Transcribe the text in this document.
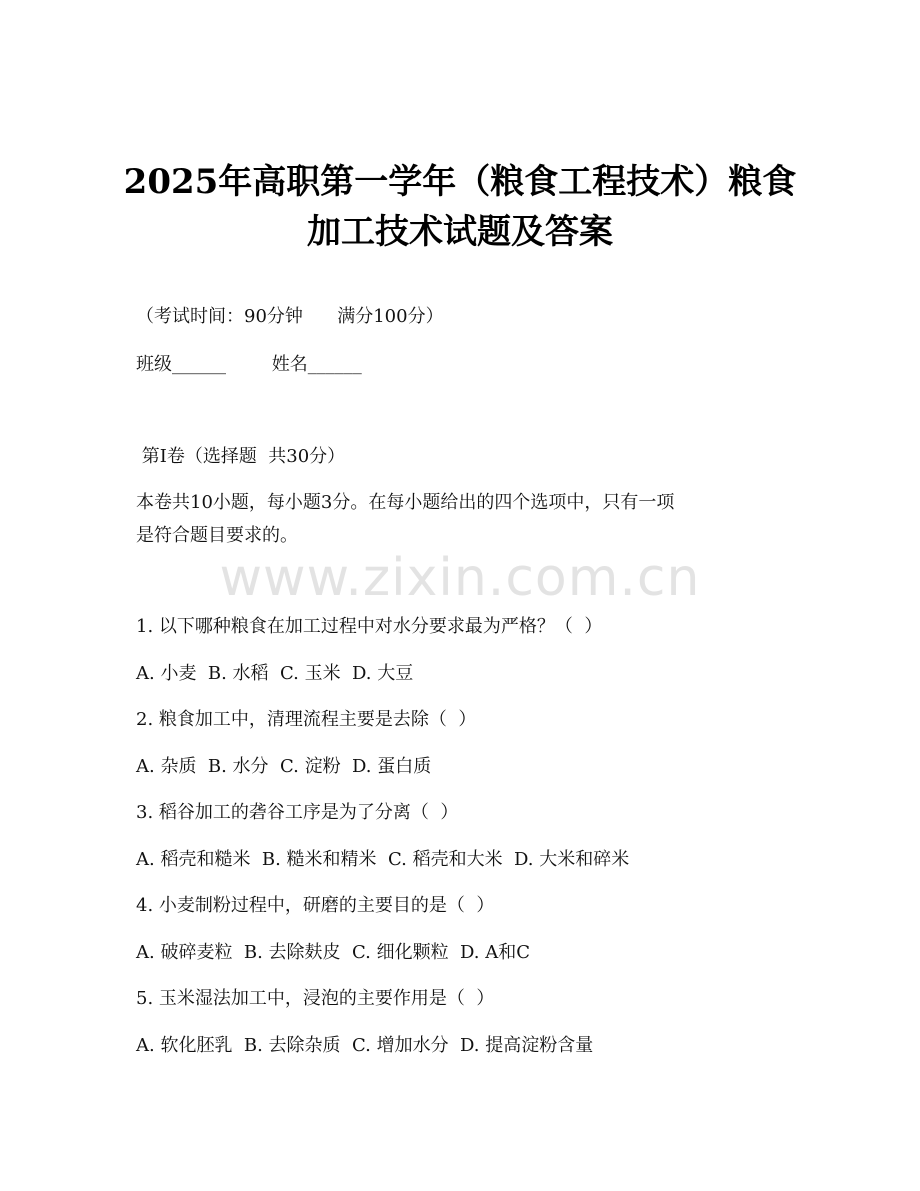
2025年高职第一学年（粮食工程技术）粮食
加工技术试题及答案
（考试时间：90分钟      满分100分）
班级______        姓名______
第I卷（选择题  共30分）
本卷共10小题，每小题3分。在每小题给出的四个选项中，只有一项
是符合题目要求的。
www.zixin.com.cn
1. 以下哪种粮食在加工过程中对水分要求最为严格？（  ）
A. 小麦  B. 水稻  C. 玉米  D. 大豆
2. 粮食加工中，清理流程主要是去除（  ）
A. 杂质  B. 水分  C. 淀粉  D. 蛋白质
3. 稻谷加工的砻谷工序是为了分离（  ）
A. 稻壳和糙米  B. 糙米和精米  C. 稻壳和大米  D. 大米和碎米
4. 小麦制粉过程中，研磨的主要目的是（  ）
A. 破碎麦粒  B. 去除麸皮  C. 细化颗粒  D. A和C
5. 玉米湿法加工中，浸泡的主要作用是（  ）
A. 软化胚乳  B. 去除杂质  C. 增加水分  D. 提高淀粉含量
